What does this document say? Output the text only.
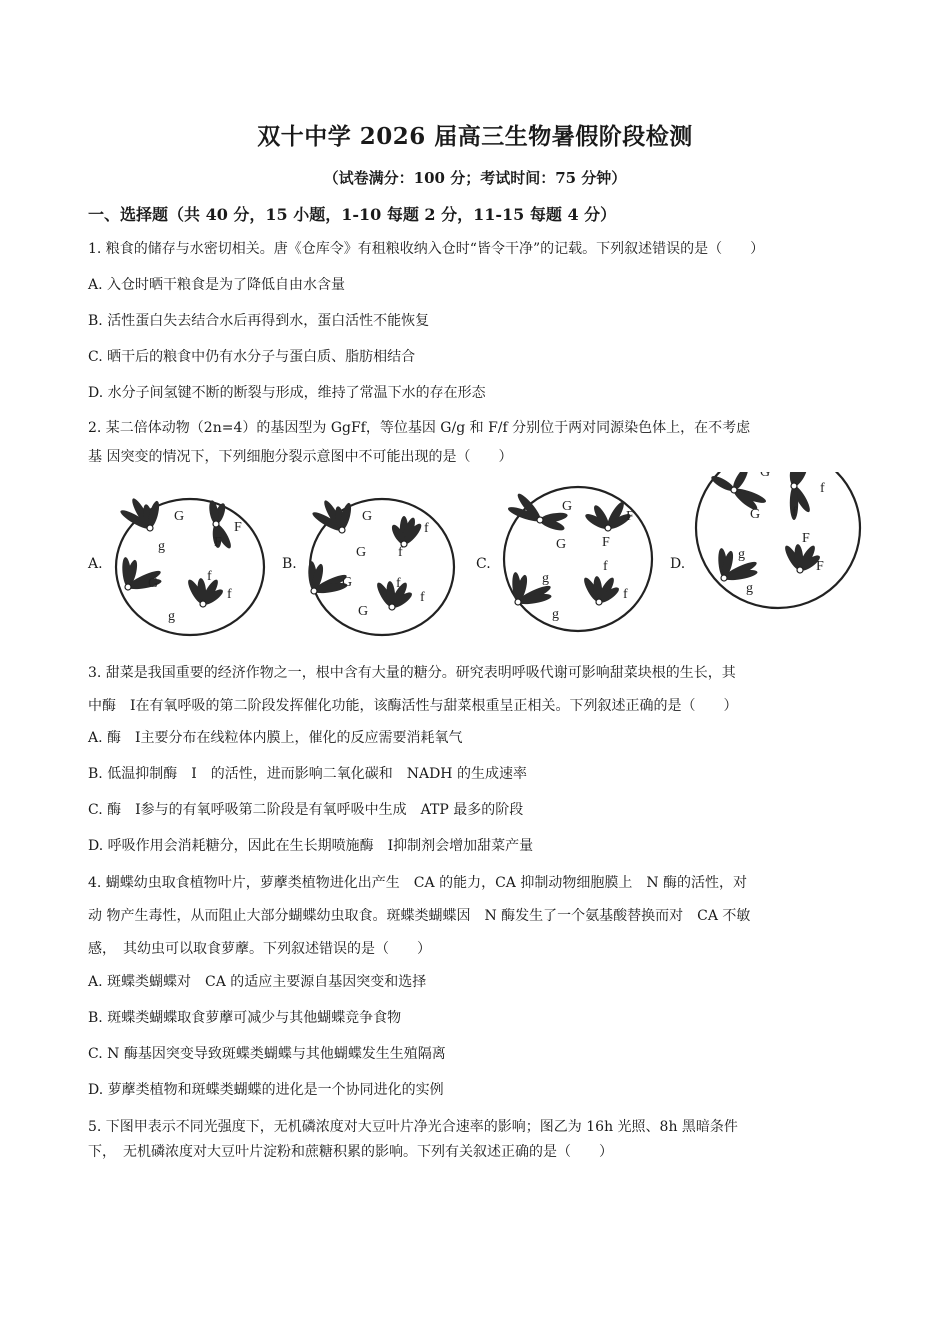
双十中学 2026 届高三生物暑假阶段检测
（试卷满分：100 分；考试时间：75 分钟）
一、选择题（共 40 分，15 小题，1-10 每题 2 分，11-15 每题 4 分）
1. 粮食的储存与水密切相关。唐《仓库令》有租粮收纳入仓时“皆令干净”的记载。下列叙述错误的是（　　）
A. 入仓时晒干粮食是为了降低自由水含量
B. 活性蛋白失去结合水后再得到水，蛋白活性不能恢复
C. 晒干后的粮食中仍有水分子与蛋白质、脂肪相结合
D. 水分子间氢键不断的断裂与形成，维持了常温下水的存在形态
2. 某二倍体动物（2n=4）的基因型为 GgFf，等位基因 G/g 和 F/f 分别位于两对同源染色体上，在不考虑
基 因突变的情况下，下列细胞分裂示意图中不可能出现的是（　　）
A.	B.	C.	D.
G
g
F
F
G
g
f
f
G
G
f
f
G
G
f
f
G
G
F
F
g
g
f
f
G
G
f
f
g
g
F
F
3. 甜菜是我国重要的经济作物之一，根中含有大量的糖分。研究表明呼吸代谢可影响甜菜块根的生长，其
中酶　Ⅰ在有氧呼吸的第二阶段发挥催化功能，该酶活性与甜菜根重呈正相关。下列叙述正确的是（　　）
A. 酶　Ⅰ主要分布在线粒体内膜上，催化的反应需要消耗氧气
B. 低温抑制酶　Ⅰ　的活性，进而影响二氧化碳和　NADH 的生成速率
C. 酶　Ⅰ参与的有氧呼吸第二阶段是有氧呼吸中生成　ATP 最多的阶段
D. 呼吸作用会消耗糖分，因此在生长期喷施酶　Ⅰ抑制剂会增加甜菜产量
4. 蝴蝶幼虫取食植物叶片，萝藦类植物进化出产生　CA 的能力，CA 抑制动物细胞膜上　N 酶的活性，对
动 物产生毒性，从而阻止大部分蝴蝶幼虫取食。斑蝶类蝴蝶因　N 酶发生了一个氨基酸替换而对　CA 不敏
感，　其幼虫可以取食萝藦。下列叙述错误的是（　　）
A. 斑蝶类蝴蝶对　CA 的适应主要源自基因突变和选择
B. 斑蝶类蝴蝶取食萝藦可减少与其他蝴蝶竞争食物
C. N 酶基因突变导致斑蝶类蝴蝶与其他蝴蝶发生生殖隔离
D. 萝藦类植物和斑蝶类蝴蝶的进化是一个协同进化的实例
5. 下图甲表示不同光强度下，无机磷浓度对大豆叶片净光合速率的影响；图乙为 16h 光照、8h 黑暗条件
下，　无机磷浓度对大豆叶片淀粉和蔗糖积累的影响。下列有关叙述正确的是（　　）
